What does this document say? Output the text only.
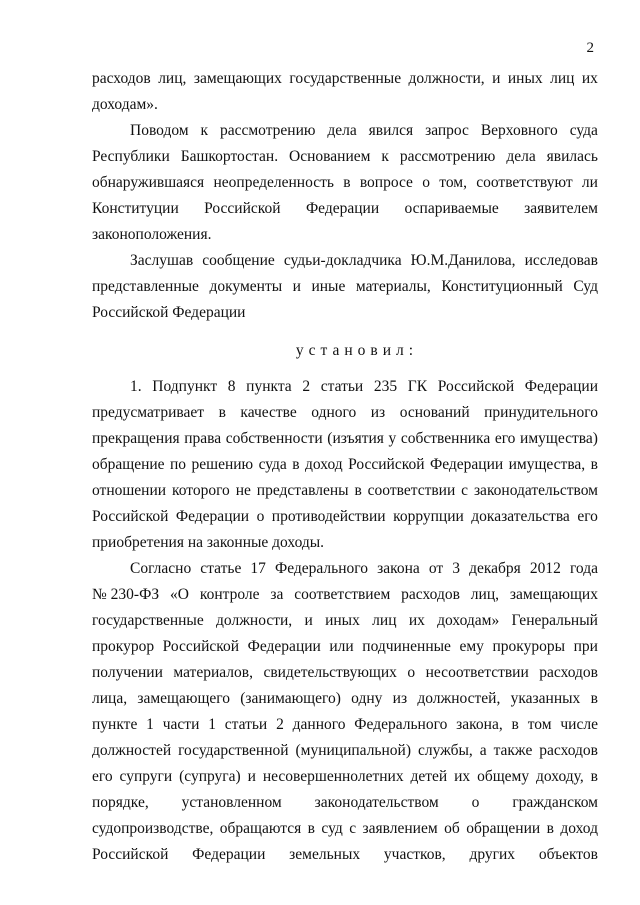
2
расходов лиц, замещающих государственные должности, и иных лиц их
доходам».
Поводом к рассмотрению дела явился запрос Верховного суда
Республики Башкортостан. Основанием к рассмотрению дела явилась
обнаружившаяся неопределенность в вопросе о том, соответствуют ли
Конституции Российской Федерации оспариваемые заявителем
законоположения.
Заслушав сообщение судьи-докладчика Ю.М.Данилова, исследовав
представленные документы и иные материалы, Конституционный Суд
Российской Федерации
установил:
1. Подпункт 8 пункта 2 статьи 235 ГК Российской Федерации
предусматривает в качестве одного из оснований принудительного
прекращения права собственности (изъятия у собственника его имущества)
обращение по решению суда в доход Российской Федерации имущества, в
отношении которого не представлены в соответствии с законодательством
Российской Федерации о противодействии коррупции доказательства его
приобретения на законные доходы.
Согласно статье 17 Федерального закона от 3 декабря 2012 года
№ 230-ФЗ «О контроле за соответствием расходов лиц, замещающих
государственные должности, и иных лиц их доходам» Генеральный
прокурор Российской Федерации или подчиненные ему прокуроры при
получении материалов, свидетельствующих о несоответствии расходов
лица, замещающего (занимающего) одну из должностей, указанных в
пункте 1 части 1 статьи 2 данного Федерального закона, в том числе
должностей государственной (муниципальной) службы, а также расходов
его супруги (супруга) и несовершеннолетних детей их общему доходу, в
порядке, установленном законодательством о гражданском
судопроизводстве, обращаются в суд с заявлением об обращении в доход
Российской Федерации земельных участков, других объектов
